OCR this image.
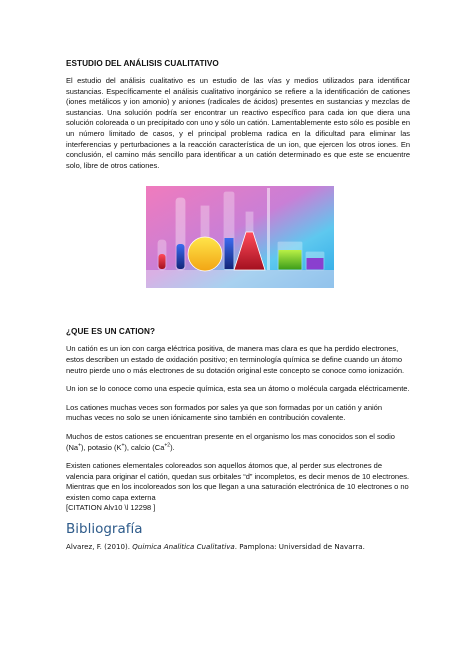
ESTUDIO DEL ANÁLISIS CUALITATIVO
El estudio del análisis cualitativo es un estudio de las vías y medios utilizados para identificar sustancias. Específicamente el análisis cualitativo inorgánico se refiere a la identificación de cationes (iones metálicos y ion amonio) y aniones (radicales de ácidos) presentes en sustancias y mezclas de sustancias. Una solución podría ser encontrar un reactivo específico para cada ion que diera una solución coloreada o un precipitado con uno y sólo un catión. Lamentablemente esto sólo es posible en un número limitado de casos, y el principal problema radica en la dificultad para eliminar las interferencias y perturbaciones a la reacción característica de un ion, que ejercen los otros iones. En conclusión, el camino más sencillo para identificar a un catión determinado es que este se encuentre solo, libre de otros cationes.
¿QUE ES UN CATION?
Un catión es un ion con carga eléctrica positiva, de manera mas clara es que ha perdido electrones, estos describen un estado de oxidación positivo; en terminología química se define cuando un átomo neutro pierde uno o más electrones de su dotación original este concepto se conoce como ionización.
Un ion se lo conoce como una especie química, esta sea un átomo o molécula cargada eléctricamente.
Los cationes muchas veces son formados por sales ya que son formadas por un catión y anión muchas veces no solo se unen iónicamente sino también en contribución covalente.
Muchos de estos cationes se encuentran presente en el organismo los mas conocidos son el sodio (Na+), potasio (K+), calcio $(Ca^{+2})$.
Existen cationes elementales coloreados son aquellos átomos que, al perder sus electrones de valencia para originar el catión, quedan sus orbitales “d” incompletos, es decir menos de 10 electrones. Mientras que en los incoloreados son los que llegan a una saturación electrónica de 10 electrones o no existen como capa externa
[CITATION Alv10 \l 12298 ]
Bibliografía
Alvarez, F. (2010). Quimica Analitica Cualitativa. Pamplona: Universidad de Navarra.
